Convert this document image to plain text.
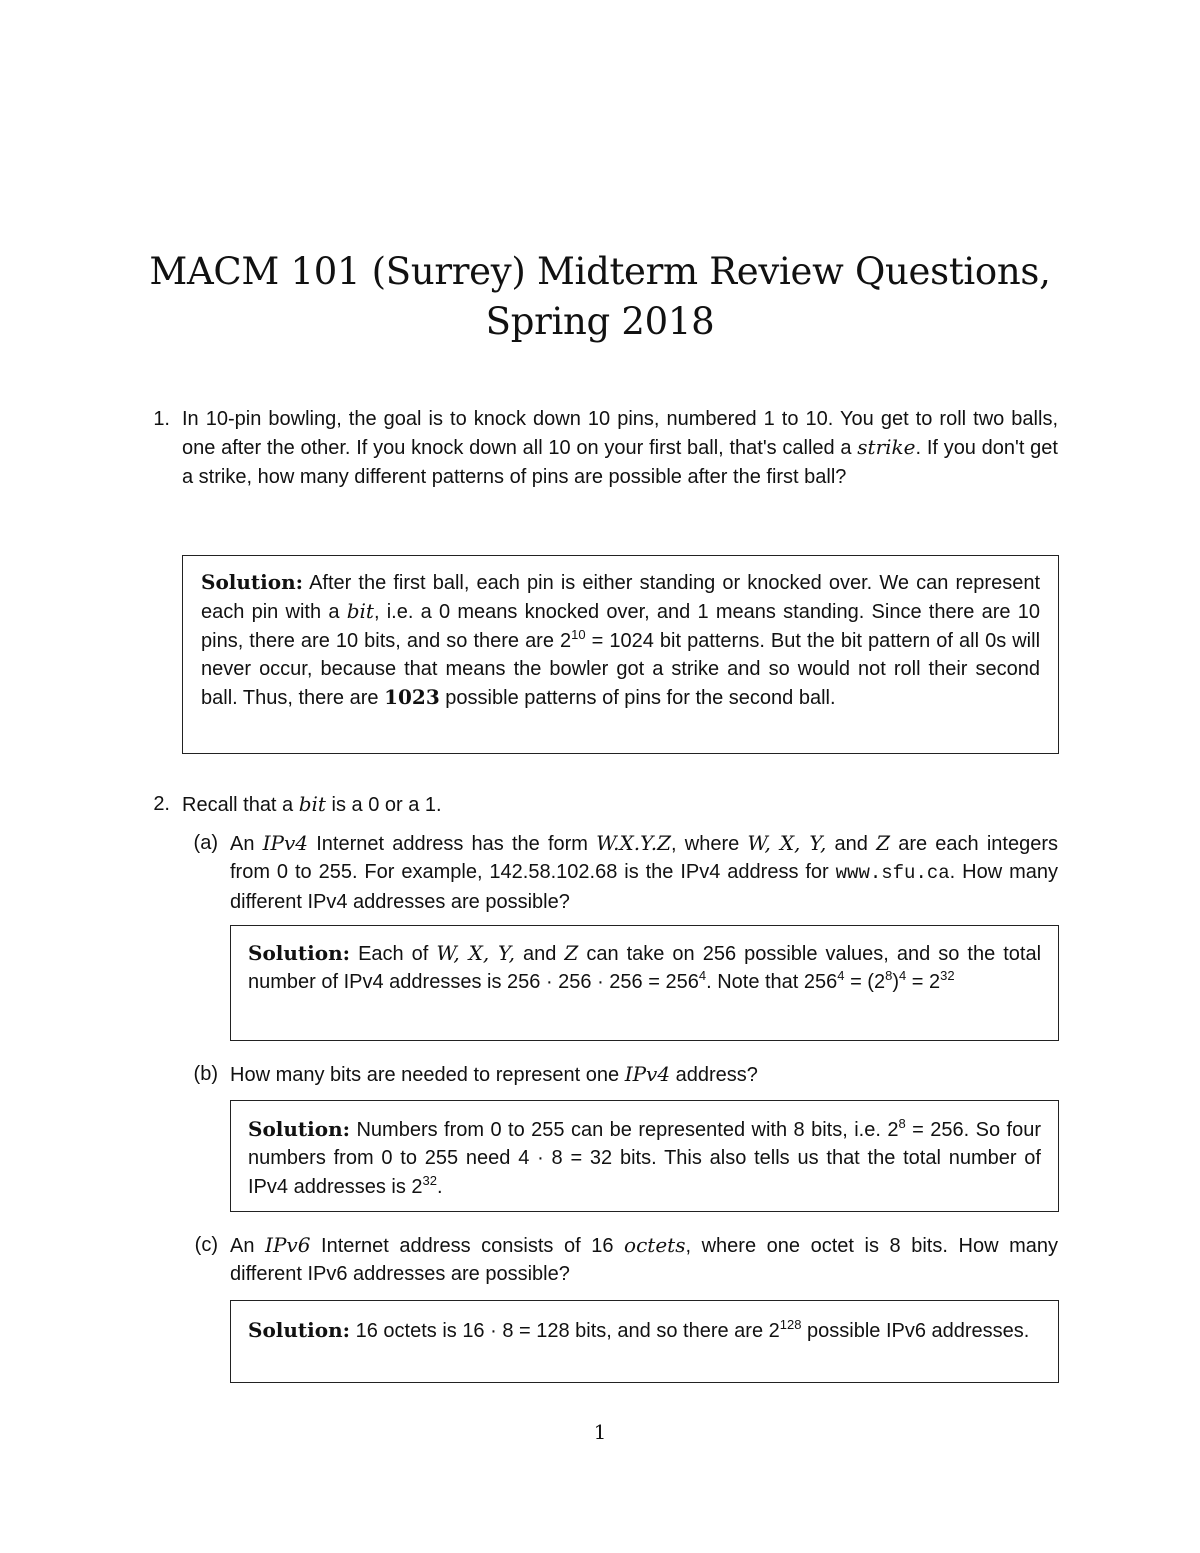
MACM 101 (Surrey) Midterm Review Questions, Spring 2018
1. In 10-pin bowling, the goal is to knock down 10 pins, numbered 1 to 10. You get to roll two balls, one after the other. If you knock down all 10 on your first ball, that's called a strike. If you don't get a strike, how many different patterns of pins are possible after the first ball?
Solution: After the first ball, each pin is either standing or knocked over. We can represent each pin with a bit, i.e. a 0 means knocked over, and 1 means standing. Since there are 10 pins, there are 10 bits, and so there are $2^{10} = 1024$ bit patterns. But the bit pattern of all 0s will never occur, because that means the bowler got a strike and so would not roll their second ball. Thus, there are 1023 possible patterns of pins for the second ball.
2. Recall that a bit is a 0 or a 1.
(a) An IPv4 Internet address has the form W.X.Y.Z, where W, X, Y, and Z are each integers from 0 to 255. For example, 142.58.102.68 is the IPv4 address for www.sfu.ca. How many different IPv4 addresses are possible?
Solution: Each of W, X, Y, and Z can take on 256 possible values, and so the total number of IPv4 addresses is $256 \cdot 256 \cdot 256 = 256^4$. Note that $256^4 = (2^8)^4 = 2^{32}$
(b) How many bits are needed to represent one IPv4 address?
Solution: Numbers from 0 to 255 can be represented with 8 bits, i.e. $2^8 = 256$. So four numbers from 0 to 255 need 4 · 8 = 32 bits. This also tells us that the total number of IPv4 addresses is $2^{32}$.
(c) An IPv6 Internet address consists of 16 octets, where one octet is 8 bits. How many different IPv6 addresses are possible?
Solution: 16 octets is 16 · 8 = 128 bits, and so there are $2^{128}$ possible IPv6 addresses.
1
